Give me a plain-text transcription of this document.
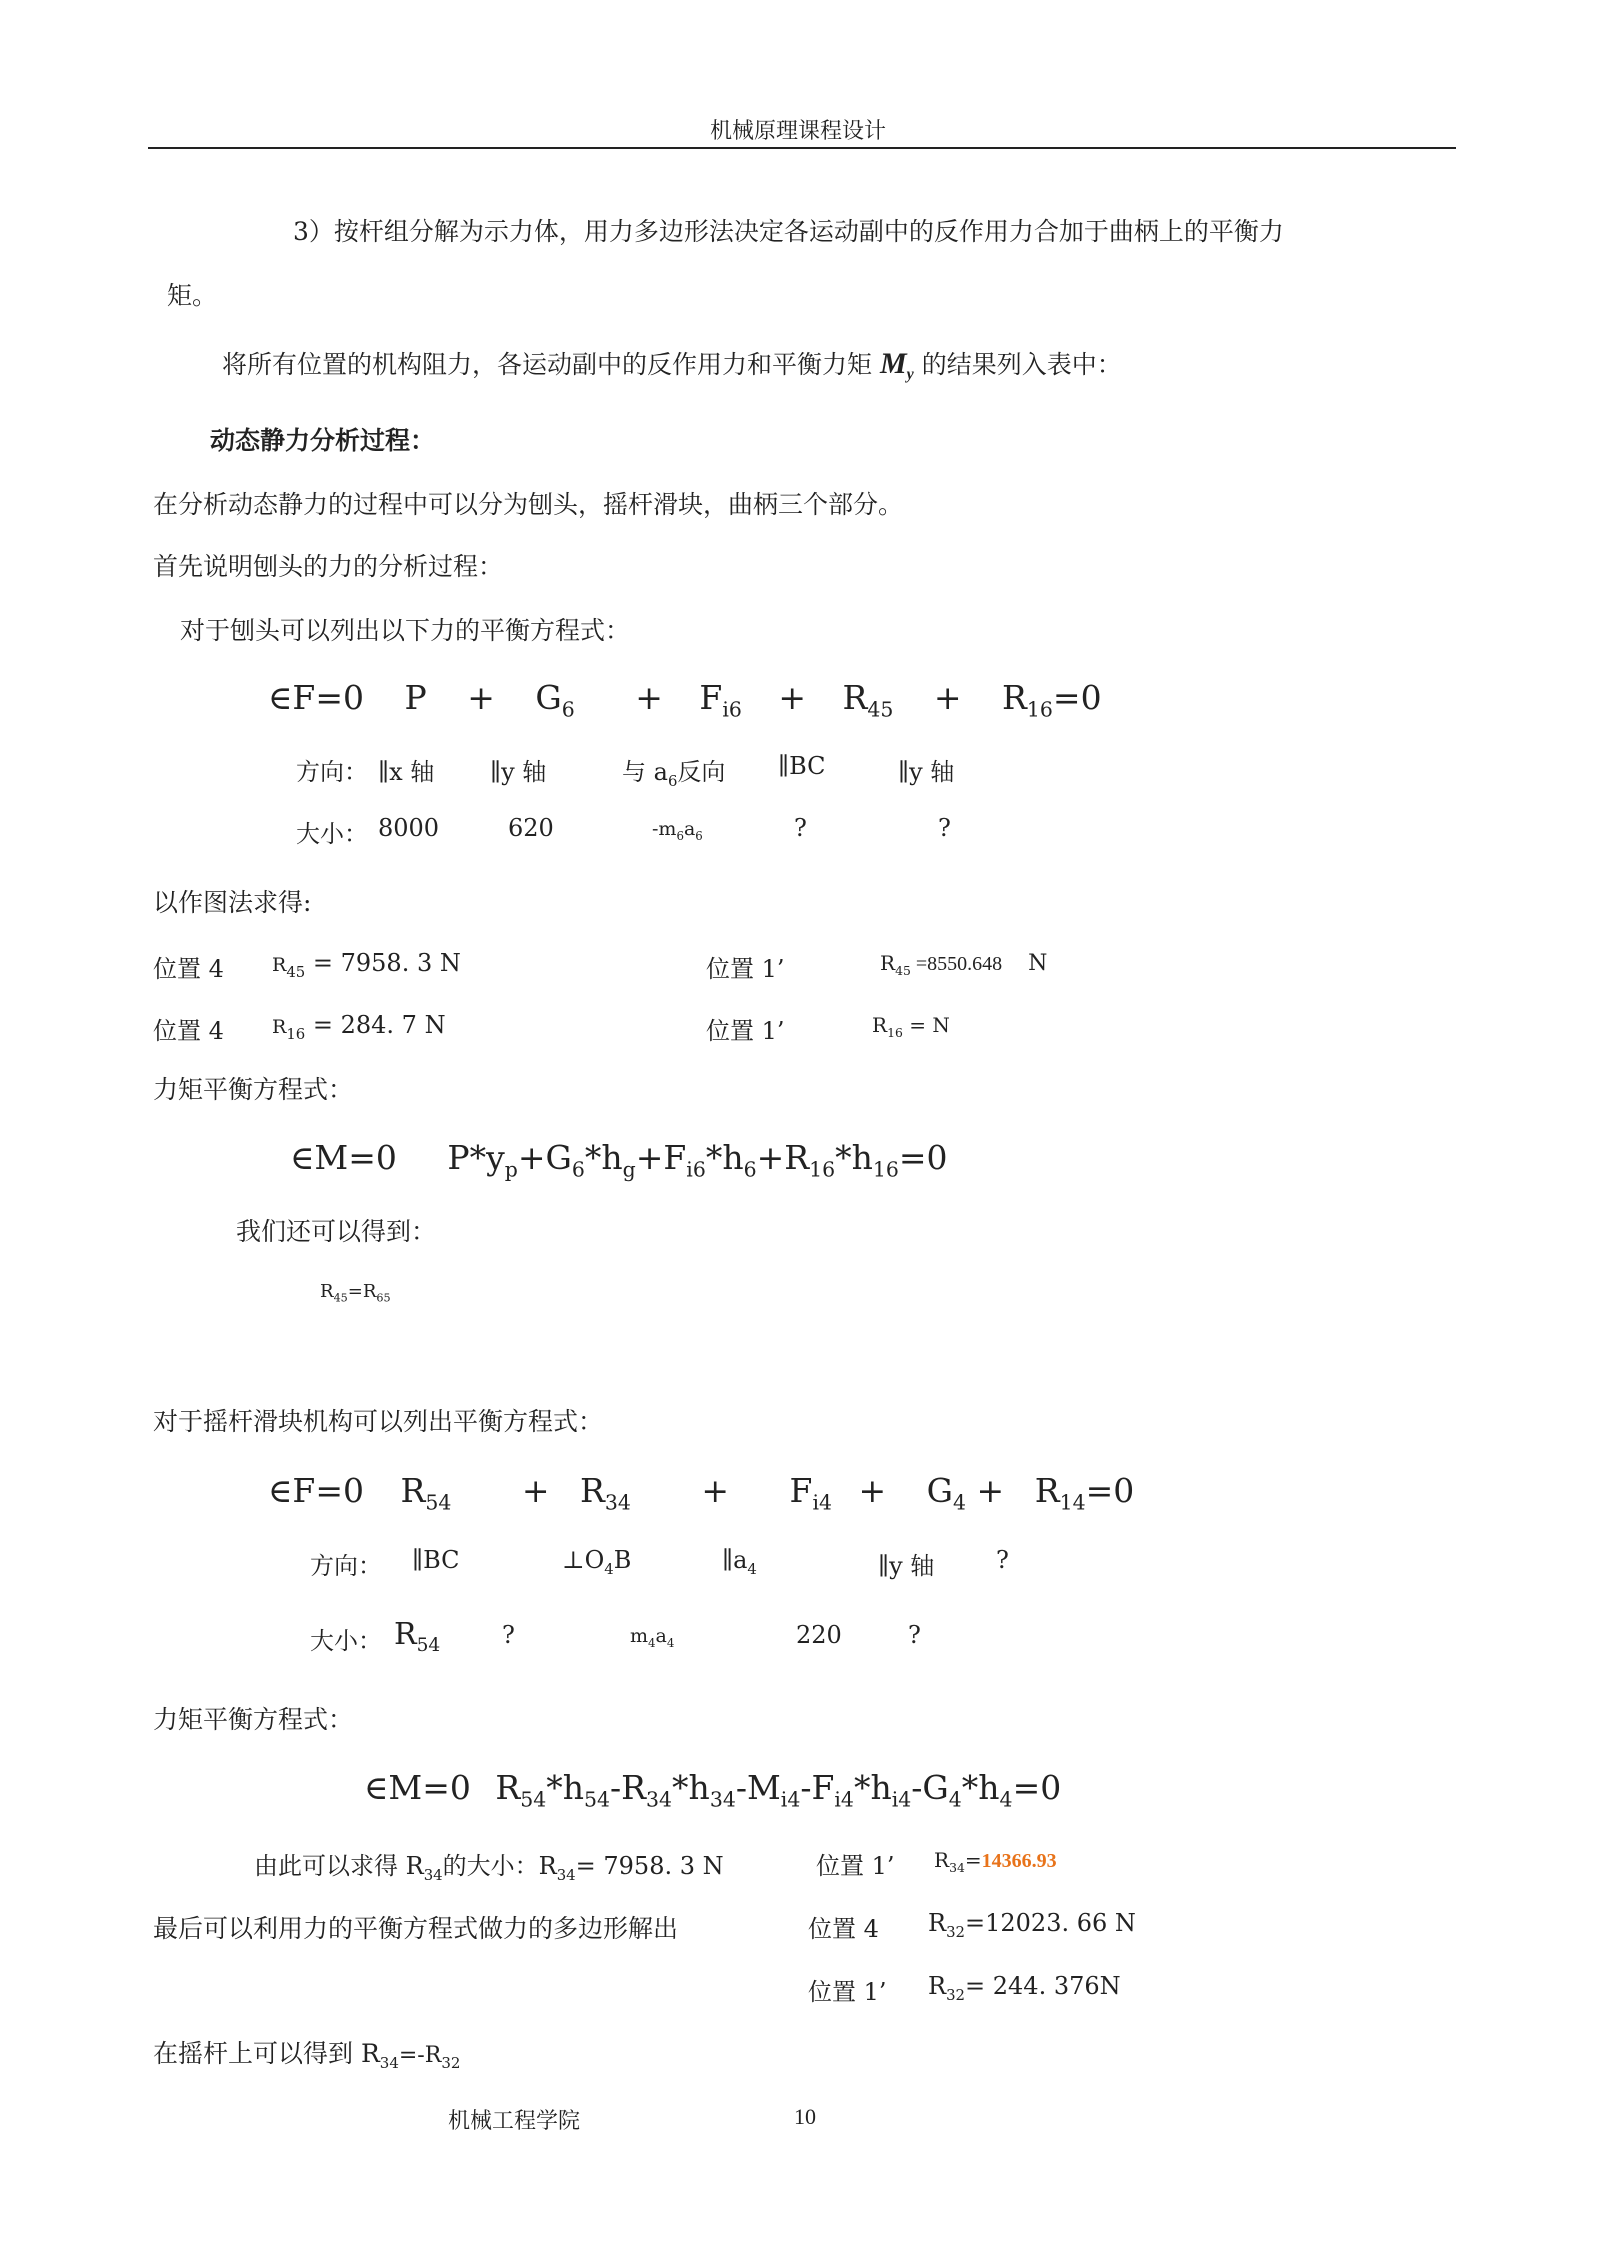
机械原理课程设计
3）按杆组分解为示力体，用力多边形法决定各运动副中的反作用力合加于曲柄上的平衡力
矩。
将所有位置的机构阻力，各运动副中的反作用力和平衡力矩 $M_y$ 的结果列入表中：
动态静力分析过程：
在分析动态静力的过程中可以分为刨头，摇杆滑块，曲柄三个部分。
首先说明刨头的力的分析过程：
对于刨头可以列出以下力的平衡方程式：
∈F=0 $P + G_6 + F_{i6} + R_{45} + R_{16}=0$
方向： ∥x 轴 ∥y 轴	与 $a_6$反向 ∥BC	∥y 轴
大小： 8000	620	$-m_6a_6$	?	?
以作图法求得:
位置 4	$R_{45} = 7958$. 3 N	位置 1’	$R_{45} =8550.648$ N
位置 4	$R_{16} = 284$. 7 N	位置 1’	$R_{16} = N$
力矩平衡方程式：
∈M=0 $P*y_p+G_6*h_g+F_{i6}*h_6+R_{16}*h_{16}=0$
我们还可以得到：
$R_{45}=R_{65}$
对于摇杆滑块机构可以列出平衡方程式：
∈F=0 $R_{54} + R_{34} + F_{i4} + G_4 + R_{14}=0$
方向： ∥BC	$\perp O_4B$	$\parallel a_4$	∥y 轴	?
大小： $R_{54}$	?	$m_4a_4$	220	?
力矩平衡方程式：
∈M=0 $R_{54}*h_{54}-R_{34}*h_{34}-M_{i4}-F_{i4}*h_{i4}-G_4*h_4=0$
由此可以求得 $R_{34}$的大小：$R_{34}= 7958$. 3 N	位置 1’ $R_{34}=14366.93$
最后可以利用力的平衡方程式做力的多边形解出	位置 4 $R_{32}=12023$. 66 N
位置 1’ $R_{32}= 244$. 376N
在摇杆上可以得到 $R_{34}=-R_{32}$
机械工程学院	10
